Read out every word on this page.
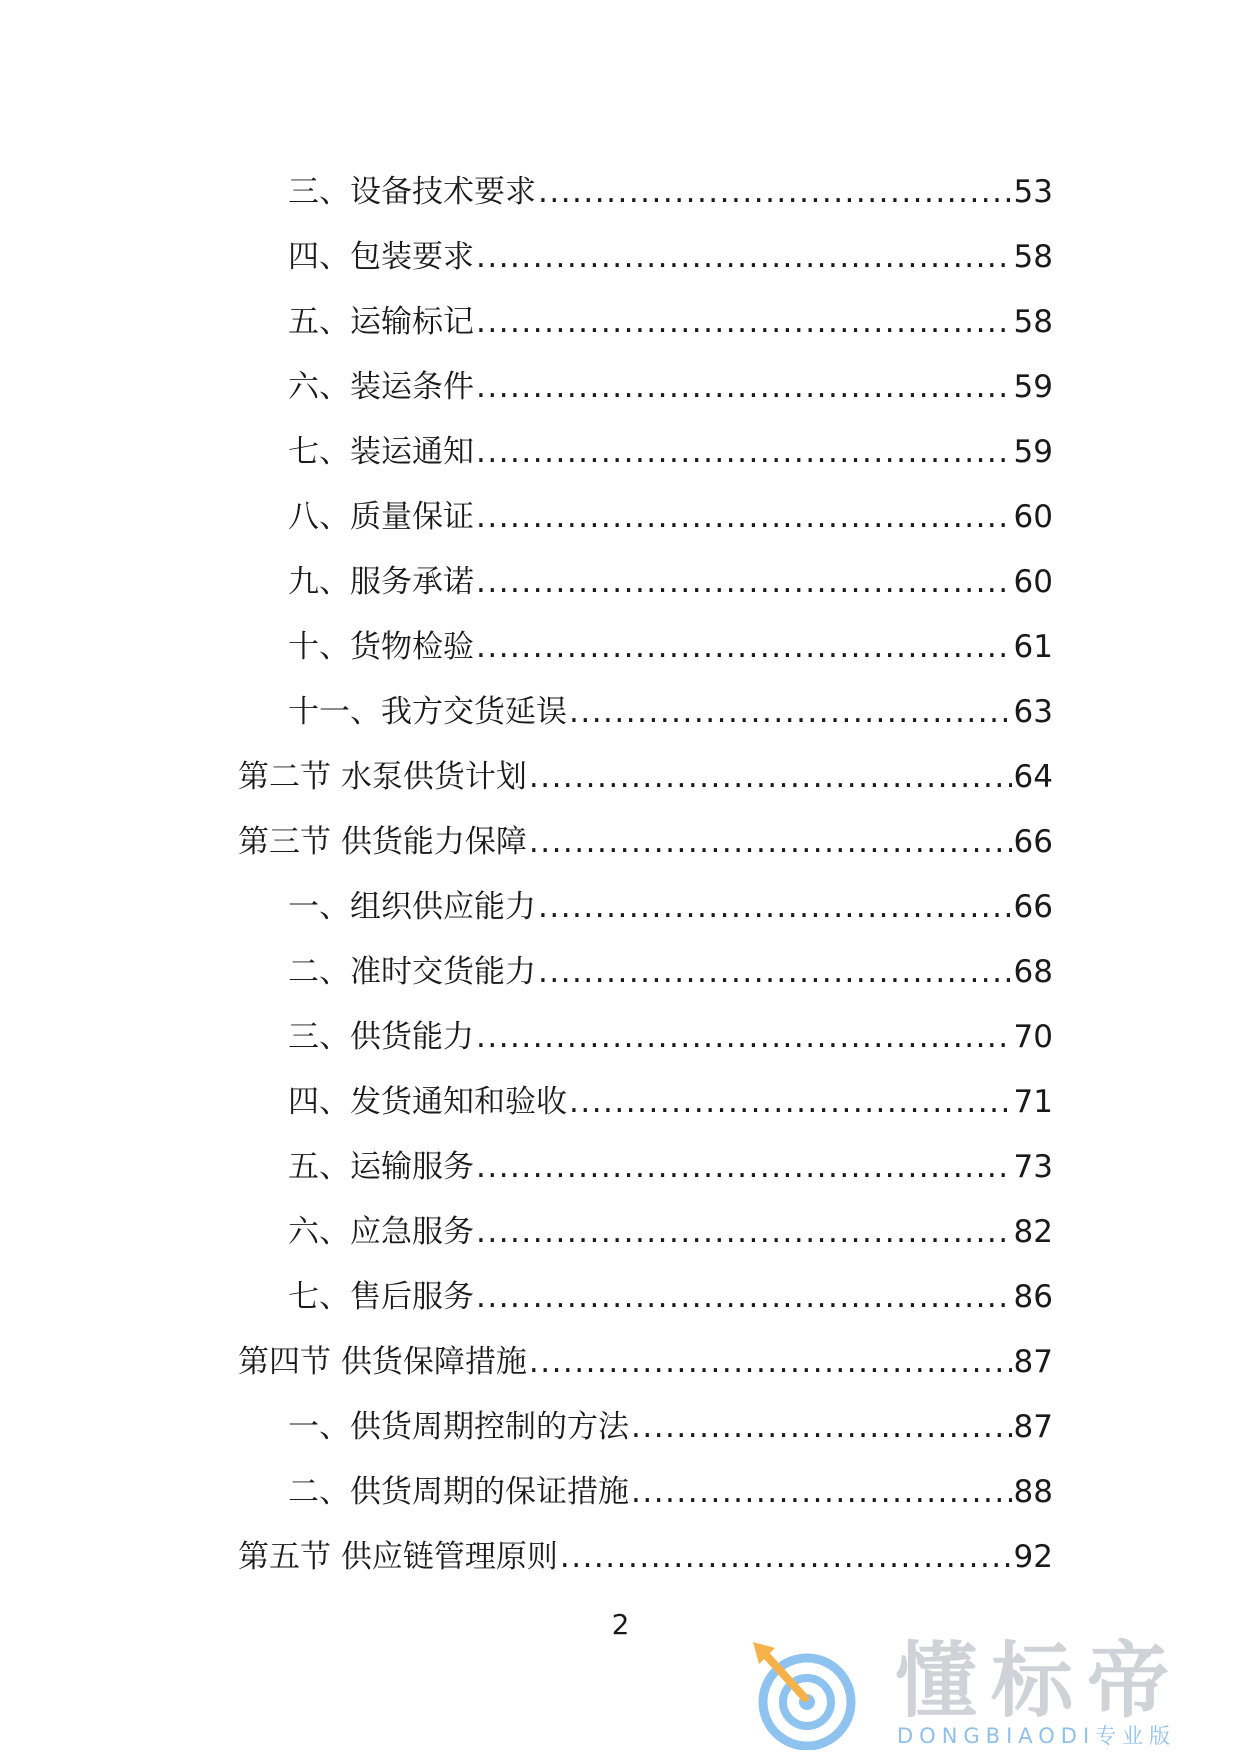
三、设备技术要求 .....	53
四、包装要求 .....	58
五、运输标记 .....	58
六、装运条件 .....	59
七、装运通知 .....	59
八、质量保证 .....	60
九、服务承诺 .....	60
十、货物检验 .....	61
十一、我方交货延误 .....	63
第二节 水泵供货计划 .....	64
第三节 供货能力保障 .....	66
一、组织供应能力 .....	66
二、准时交货能力 .....	68
三、供货能力 .....	70
四、发货通知和验收 .....	71
五、运输服务 .....	73
六、应急服务 .....	82
七、售后服务 .....	86
第四节 供货保障措施 .....	87
一、供货周期控制的方法 .....	87
二、供货周期的保证措施 .....	88
第五节 供应链管理原则 .....	92
2
懂标帝
DONGBIAODI专业版
